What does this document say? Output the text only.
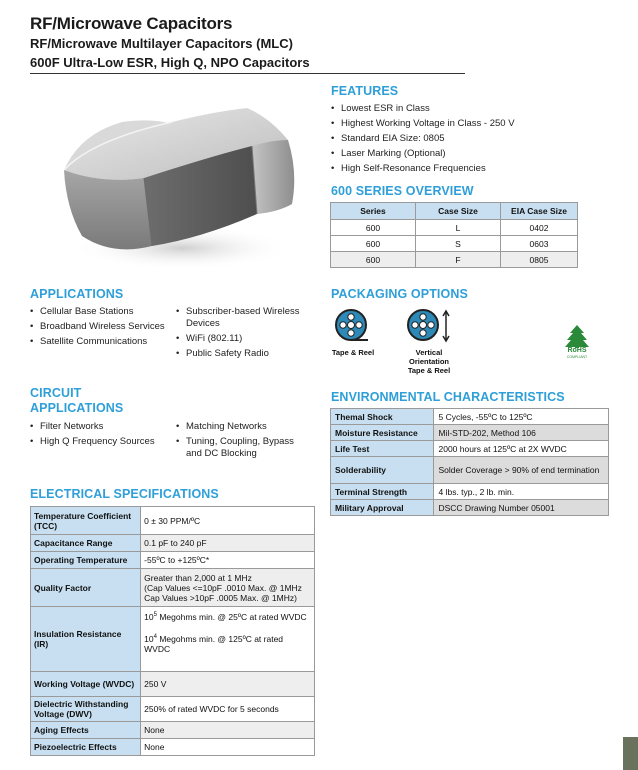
RF/Microwave Capacitors
RF/Microwave Multilayer Capacitors (MLC)
600F Ultra-Low ESR, High Q, NPO Capacitors
FEATURES
• Lowest ESR in Class
• Highest Working Voltage in Class - 250 V
• Standard EIA Size: 0805
• Laser Marking (Optional)
• High Self-Resonance Frequencies
600 SERIES OVERVIEW
Series	Case Size	EIA Case Size
600	L	0402
600	S	0603
600	F	0805
APPLICATIONS
• Cellular Base Stations
• Broadband Wireless Services
• Satellite Communications
• Subscriber-based Wireless Devices
• WiFi (802.11)
• Public Safety Radio
CIRCUIT
APPLICATIONS
• Filter Networks
• High Q Frequency Sources
• Matching Networks
• Tuning, Coupling, Bypass and DC Blocking
PACKAGING OPTIONS
Tape & Reel	Vertical
Orientation
Tape & Reel
RoHS
COMPLIANT
ENVIRONMENTAL CHARACTERISTICS
Themal Shock	5 Cycles, -55ºC to 125ºC
Moisture Resistance	Mil-STD-202, Method 106
Life Test	2000 hours at 125ºC at 2X WVDC
Solderability	Solder Coverage > 90% of end termination
Terminal Strength	4 lbs. typ., 2 lb. min.
Military Approval	DSCC Drawing Number 05001
ELECTRICAL SPECIFICATIONS
Temperature Coefficient (TCC)	0 ± 30 PPM/ºC
Capacitance Range	0.1 pF to 240 pF
Operating Temperature	-55ºC to +125ºC*
Quality Factor	Greater than 2,000 at 1 MHz
(Cap Values <=10pF .0010 Max. @ 1MHz
Cap Values >10pF .0005 Max. @ 1MHz)

Insulation Resistance (IR)	$10^5$ Megohms min. @ 25ºC at rated WVDC
$10^4$ Megohms min. @ 125ºC at rated WVDC

Working Voltage (WVDC)	250 V
Dielectric Withstanding Voltage (DWV)	250% of rated WVDC for 5 seconds
Aging Effects	None
Piezoelectric Effects	None
